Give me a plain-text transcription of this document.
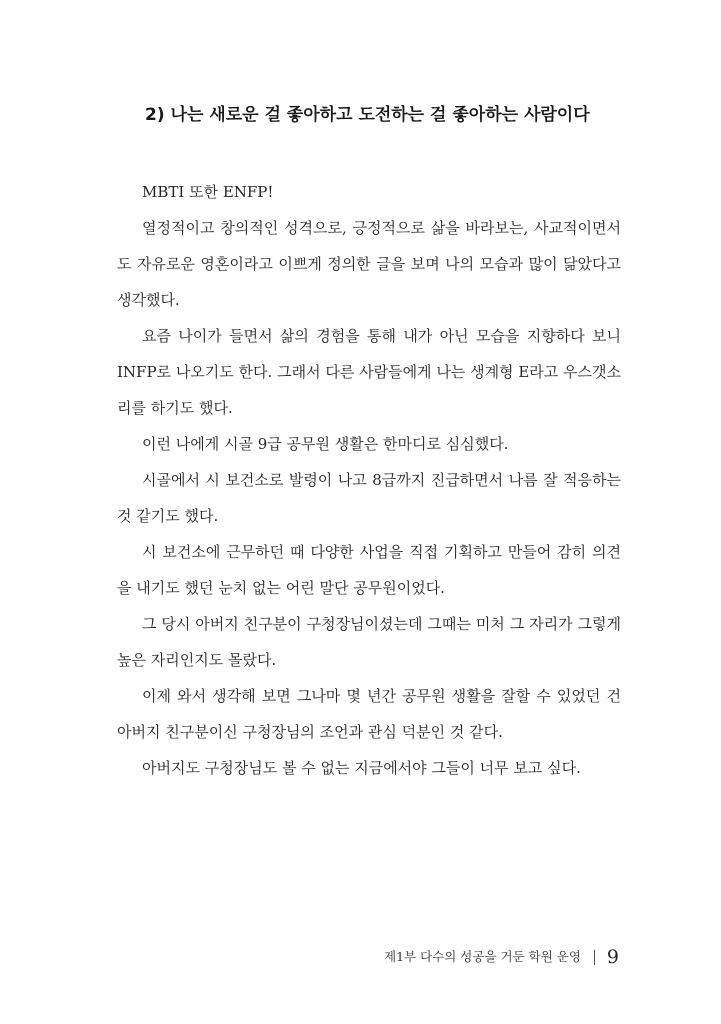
2) 나는 새로운 걸 좋아하고 도전하는 걸 좋아하는 사람이다

MBTI 또한 ENFP!

열정적이고 창의적인 성격으로, 긍정적으로 삶을 바라보는, 사교적이면서도 자유로운 영혼이라고 이쁘게 정의한 글을 보며 나의 모습과 많이 닮았다고 생각했다.

요즘 나이가 들면서 삶의 경험을 통해 내가 아닌 모습을 지향하다 보니 INFP로 나오기도 한다. 그래서 다른 사람들에게 나는 생계형 E라고 우스갯소리를 하기도 했다.

이런 나에게 시골 9급 공무원 생활은 한마디로 심심했다.

시골에서 시 보건소로 발령이 나고 8급까지 진급하면서 나름 잘 적응하는 것 같기도 했다.

시 보건소에 근무하던 때 다양한 사업을 직접 기획하고 만들어 감히 의견을 내기도 했던 눈치 없는 어린 말단 공무원이었다.

그 당시 아버지 친구분이 구청장님이셨는데 그때는 미처 그 자리가 그렇게 높은 자리인지도 몰랐다.

이제 와서 생각해 보면 그나마 몇 년간 공무원 생활을 잘할 수 있었던 건 아버지 친구분이신 구청장님의 조언과 관심 덕분인 것 같다.

아버지도 구청장님도 볼 수 없는 지금에서야 그들이 너무 보고 싶다.

제1부 다수의 성공을 거둔 학원 운영 9
